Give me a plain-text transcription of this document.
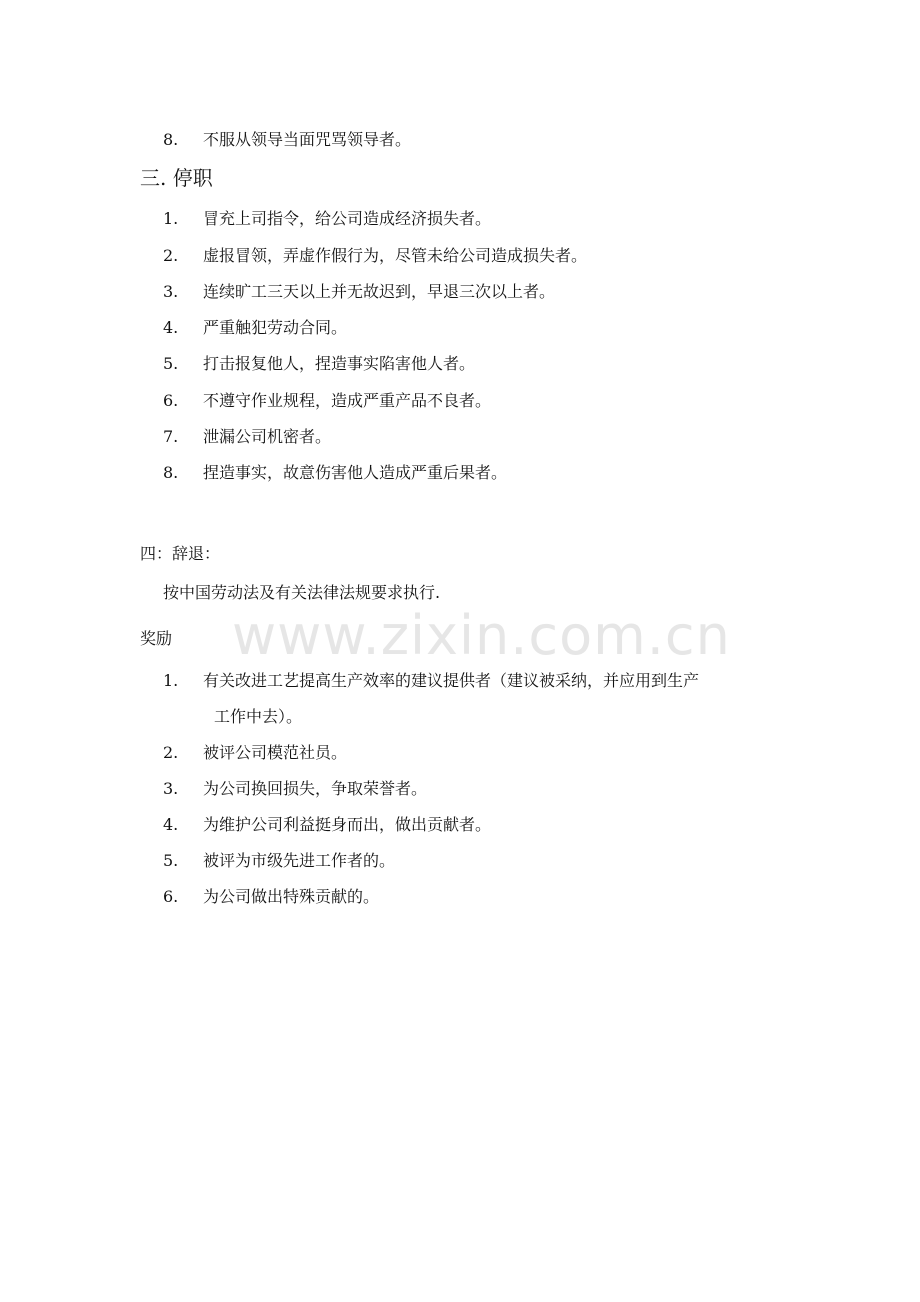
www.zixin.com.cn
8.	不服从领导当面咒骂领导者。
三. 停职
1.	冒充上司指令，给公司造成经济损失者。
2.	虚报冒领，弄虚作假行为，尽管未给公司造成损失者。
3.	连续旷工三天以上并无故迟到，早退三次以上者。
4.	严重触犯劳动合同。
5.	打击报复他人，捏造事实陷害他人者。
6.	不遵守作业规程，造成严重产品不良者。
7.	泄漏公司机密者。
8.	捏造事实，故意伤害他人造成严重后果者。
四：辞退：
按中国劳动法及有关法律法规要求执行.
奖励
1.	有关改进工艺提高生产效率的建议提供者（建议被采纳，并应用到生产
工作中去）。
2.	被评公司模范社员。
3.	为公司换回损失，争取荣誉者。
4.	为维护公司利益挺身而出，做出贡献者。
5.	被评为市级先进工作者的。
6.	为公司做出特殊贡献的。
